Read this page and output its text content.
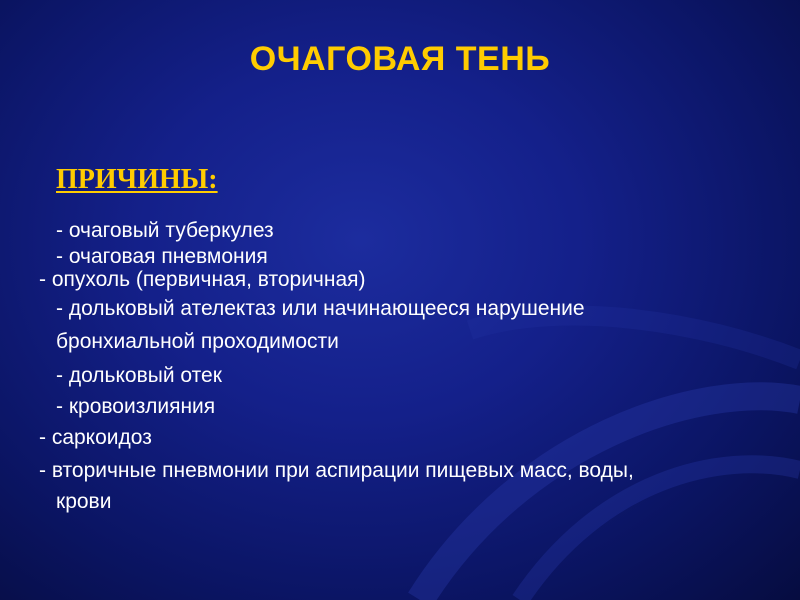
ОЧАГОВАЯ ТЕНЬ
ПРИЧИНЫ:
- очаговый туберкулез
- очаговая пневмония
- опухоль (первичная, вторичная)
- дольковый ателектаз или начинающееся нарушение
бронхиальной проходимости
- дольковый отек
- кровоизлияния
- саркоидоз
- вторичные пневмонии при аспирации пищевых масс, воды,
крови
